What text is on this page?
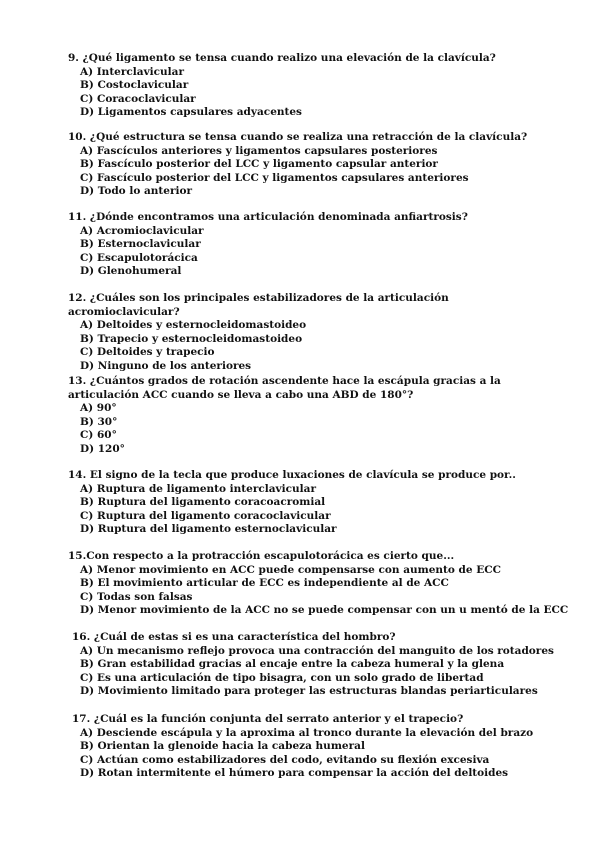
9. ¿Qué ligamento se tensa cuando realizo una elevación de la clavícula?
A) Interclavicular
B) Costoclavicular
C) Coracoclavicular
D) Ligamentos capsulares adyacentes
10. ¿Qué estructura se tensa cuando se realiza una retracción de la clavícula?
A) Fascículos anteriores y ligamentos capsulares posteriores
B) Fascículo posterior del LCC y ligamento capsular anterior
C) Fascículo posterior del LCC y ligamentos capsulares anteriores
D) Todo lo anterior
11. ¿Dónde encontramos una articulación denominada anfiartrosis?
A) Acromioclavicular
B) Esternoclavicular
C) Escapulotorácica
D) Glenohumeral
12. ¿Cuáles son los principales estabilizadores de la articulación acromioclavicular?
A) Deltoides y esternocleidomastoideo
B) Trapecio y esternocleidomastoideo
C) Deltoides y trapecio
D) Ninguno de los anteriores
13. ¿Cuántos grados de rotación ascendente hace la escápula gracias a la articulación ACC cuando se lleva a cabo una ABD de 180°?
A) 90°
B) 30°
C) 60°
D) 120°
14. El signo de la tecla que produce luxaciones de clavícula se produce por..
A) Ruptura de ligamento interclavicular
B) Ruptura del ligamento coracoacromial
C) Ruptura del ligamento coracoclavicular
D) Ruptura del ligamento esternoclavicular
15.Con respecto a la protracción escapulotorácica es cierto que...
A) Menor movimiento en ACC puede compensarse con aumento de ECC
B) El movimiento articular de ECC es independiente al de ACC
C) Todas son falsas
D) Menor movimiento de la ACC no se puede compensar con un u mentó de la ECC
16. ¿Cuál de estas si es una característica del hombro?
A) Un mecanismo reflejo provoca una contracción del manguito de los rotadores
B) Gran estabilidad gracias al encaje entre la cabeza humeral y la glena
C) Es una articulación de tipo bisagra, con un solo grado de libertad
D) Movimiento limitado para proteger las estructuras blandas periarticulares
17. ¿Cuál es la función conjunta del serrato anterior y el trapecio?
A) Desciende escápula y la aproxima al tronco durante la elevación del brazo
B) Orientan la glenoide hacia la cabeza humeral
C) Actúan como estabilizadores del codo, evitando su flexión excesiva
D) Rotan intermitente el húmero para compensar la acción del deltoides
